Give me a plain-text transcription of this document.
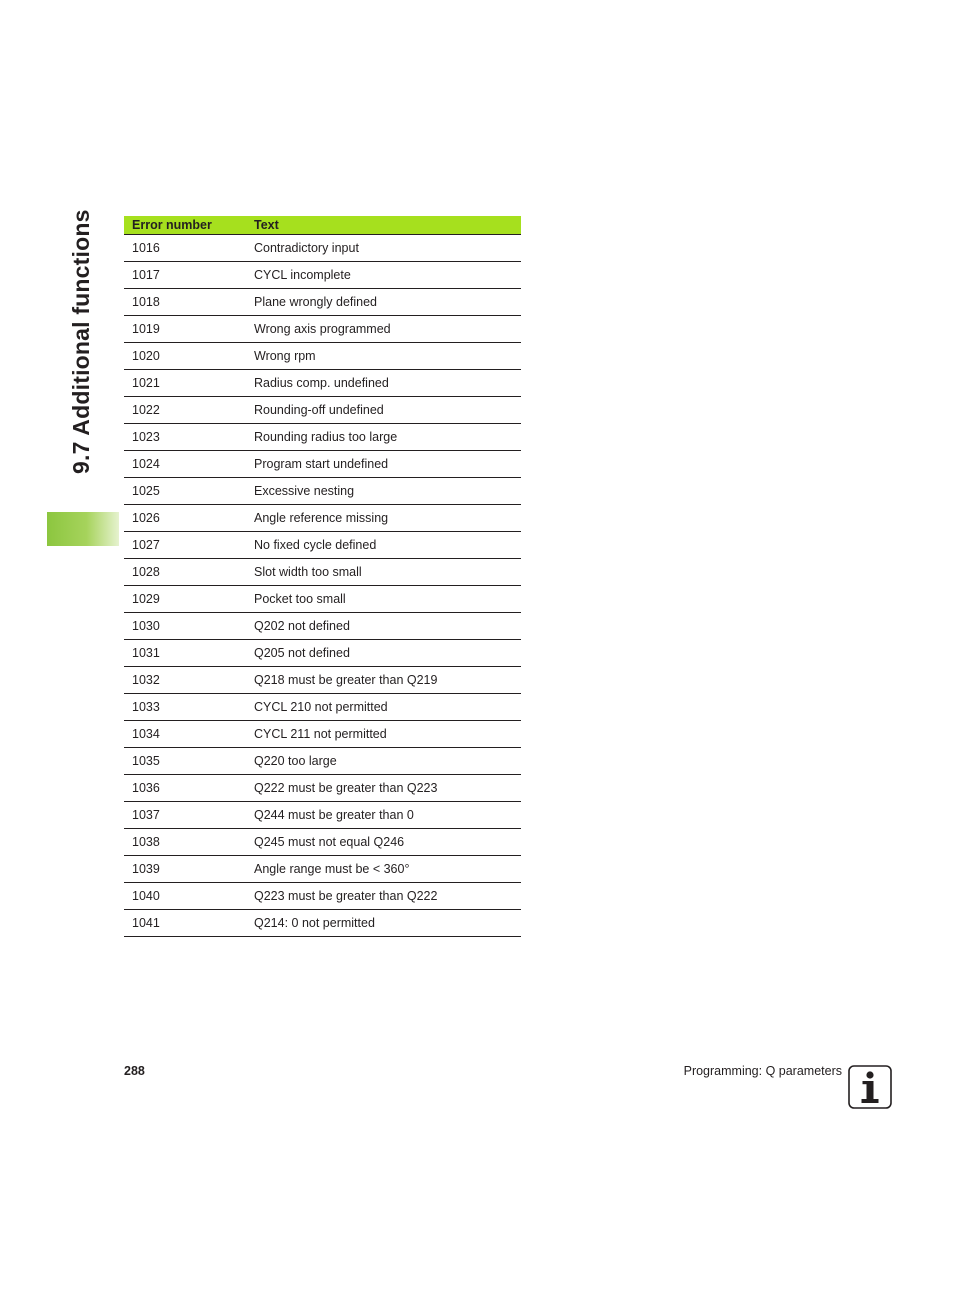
9.7 Additional functions	Error number	Text
1016	Contradictory input
1017	CYCL incomplete
1018	Plane wrongly defined
1019	Wrong axis programmed
1020	Wrong rpm
1021	Radius comp. undefined
1022	Rounding-off undefined
1023	Rounding radius too large
1024	Program start undefined
1025	Excessive nesting
1026	Angle reference missing
1027	No fixed cycle defined
1028	Slot width too small
1029	Pocket too small
1030	Q202 not defined
1031	Q205 not defined
1032	Q218 must be greater than Q219
1033	CYCL 210 not permitted
1034	CYCL 211 not permitted
1035	Q220 too large
1036	Q222 must be greater than Q223
1037	Q244 must be greater than 0
1038	Q245 must not equal Q246
1039	Angle range must be < 360°
1040	Q223 must be greater than Q222
1041	Q214: 0 not permitted
288	Programming: Q parameters
